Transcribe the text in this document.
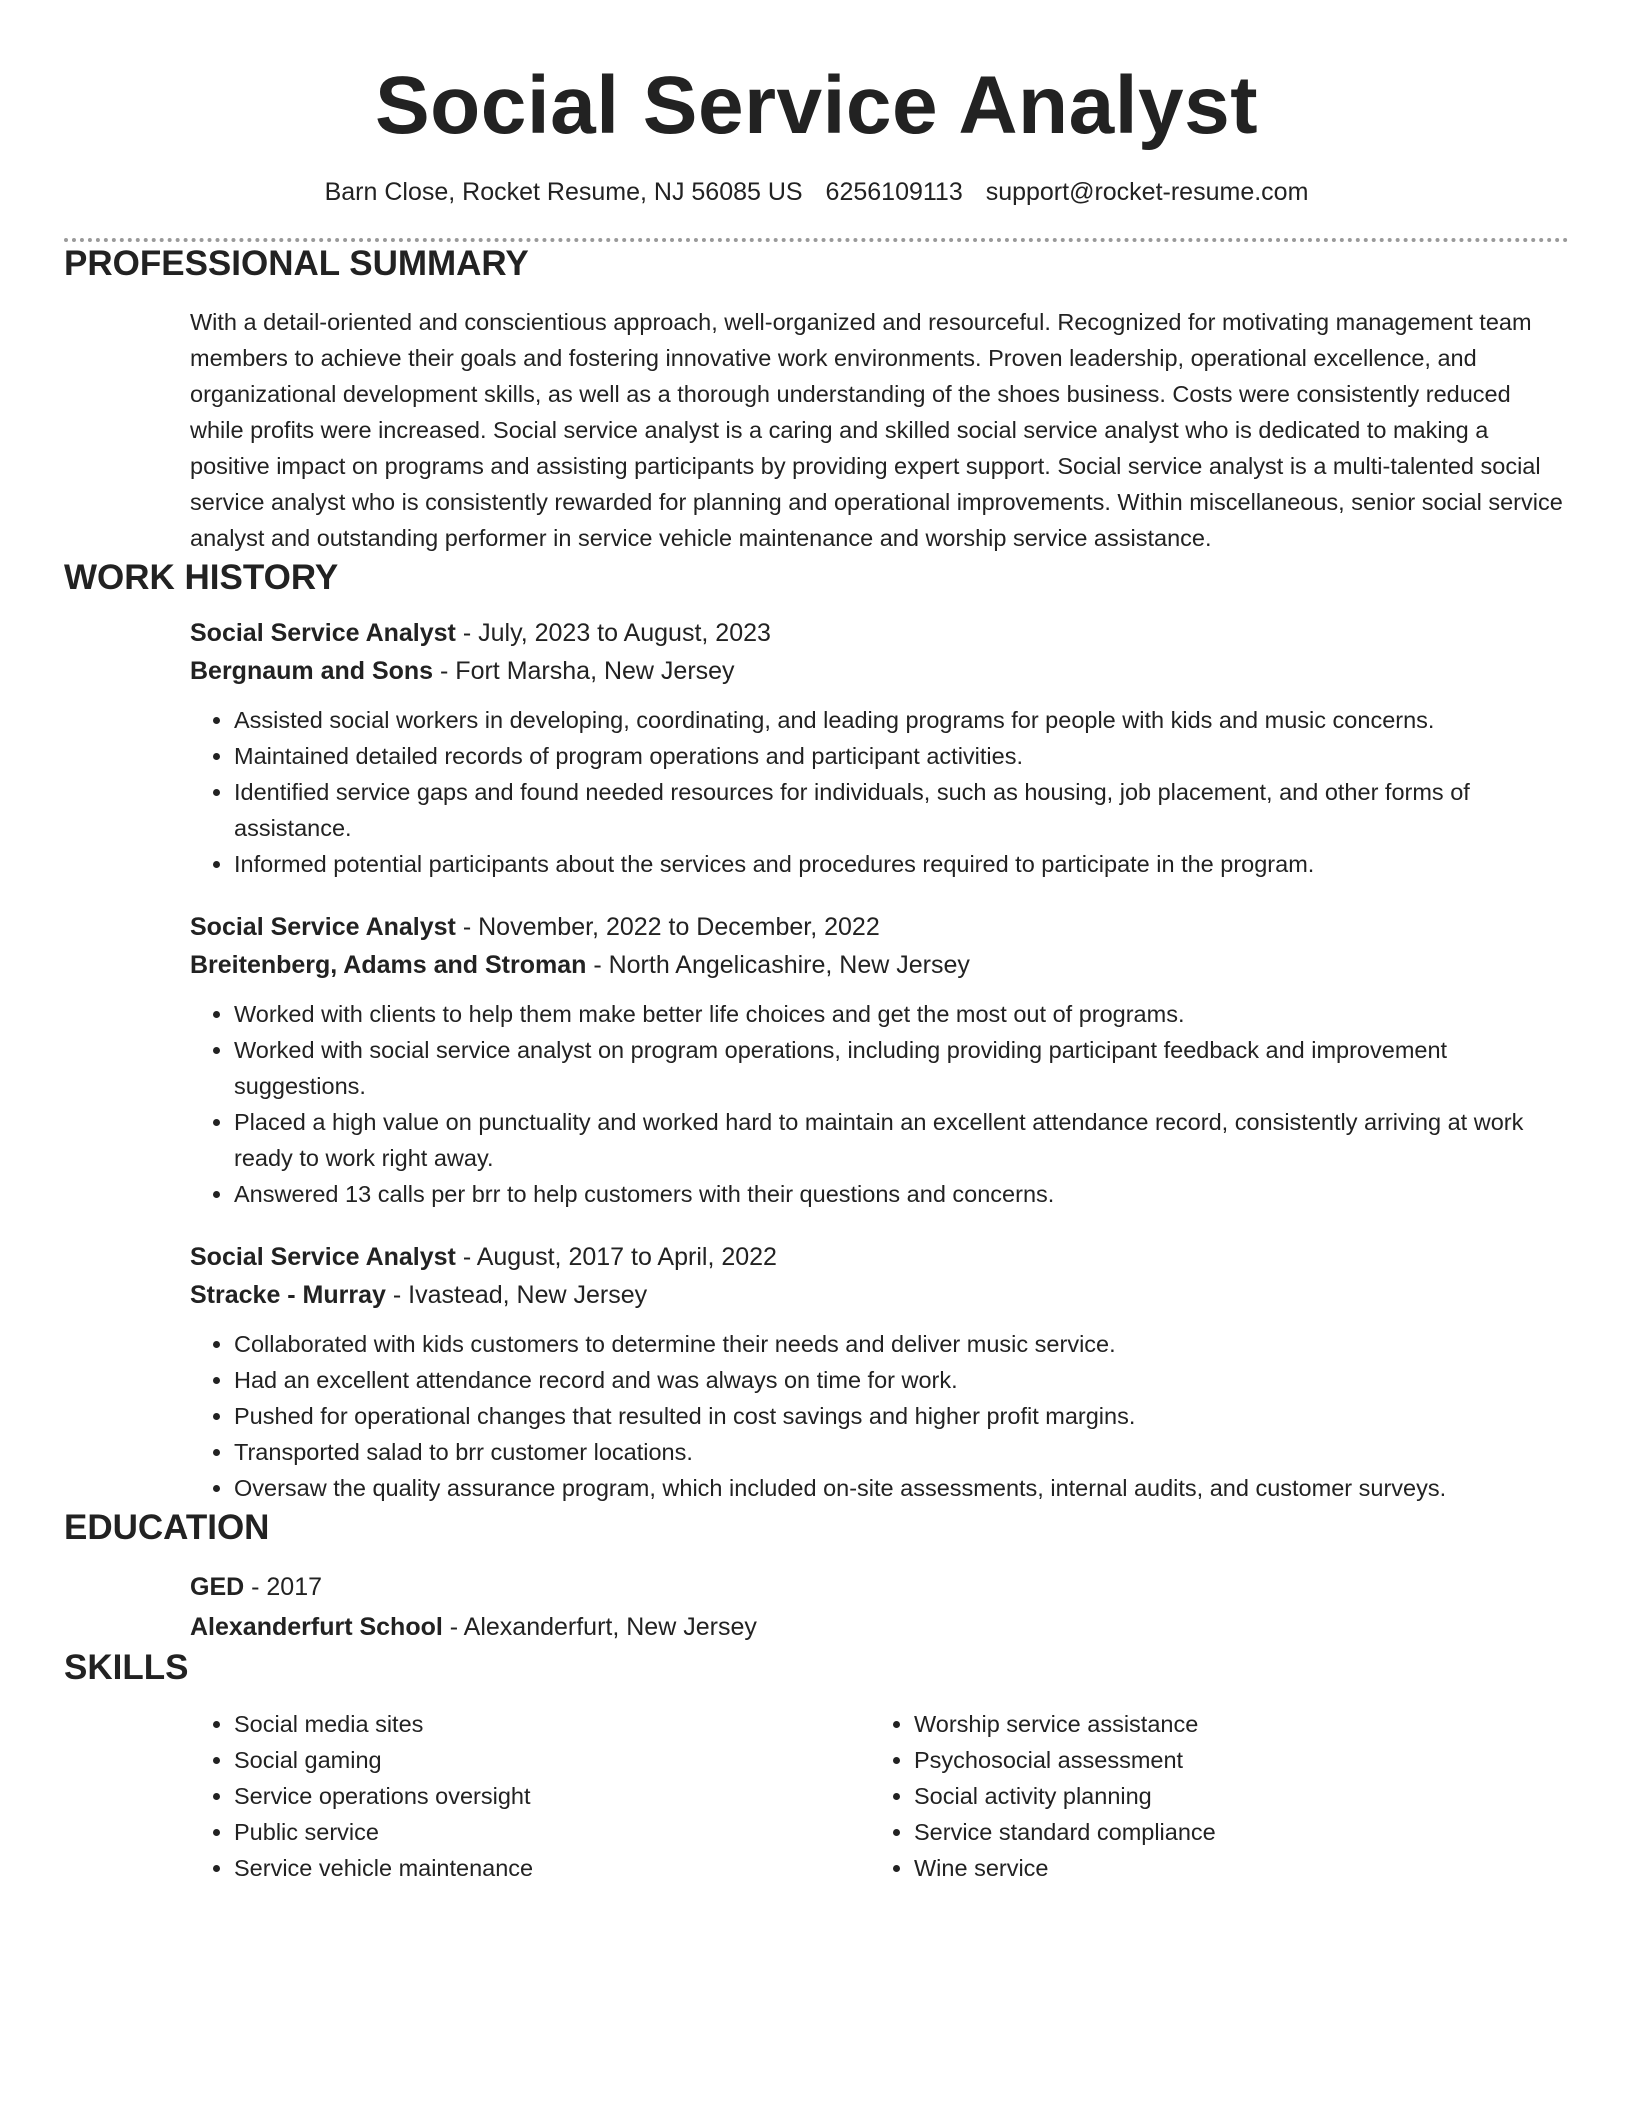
Social Service Analyst
Barn Close, Rocket Resume, NJ 56085 US 6256109113 support@rocket-resume.com
PROFESSIONAL SUMMARY
With a detail-oriented and conscientious approach, well-organized and resourceful. Recognized for motivating management team members to achieve their goals and fostering innovative work environments. Proven leadership, operational excellence, and organizational development skills, as well as a thorough understanding of the shoes business. Costs were consistently reduced while profits were increased. Social service analyst is a caring and skilled social service analyst who is dedicated to making a positive impact on programs and assisting participants by providing expert support. Social service analyst is a multi-talented social service analyst who is consistently rewarded for planning and operational improvements. Within miscellaneous, senior social service analyst and outstanding performer in service vehicle maintenance and worship service assistance.
WORK HISTORY
Social Service Analyst - July, 2023 to August, 2023
Bergnaum and Sons - Fort Marsha, New Jersey
• Assisted social workers in developing, coordinating, and leading programs for people with kids and music concerns.
• Maintained detailed records of program operations and participant activities.
• Identified service gaps and found needed resources for individuals, such as housing, job placement, and other forms of assistance.
• Informed potential participants about the services and procedures required to participate in the program.
Social Service Analyst - November, 2022 to December, 2022
Breitenberg, Adams and Stroman - North Angelicashire, New Jersey
• Worked with clients to help them make better life choices and get the most out of programs.
• Worked with social service analyst on program operations, including providing participant feedback and improvement suggestions.
• Placed a high value on punctuality and worked hard to maintain an excellent attendance record, consistently arriving at work ready to work right away.
• Answered 13 calls per brr to help customers with their questions and concerns.
Social Service Analyst - August, 2017 to April, 2022
Stracke - Murray - Ivastead, New Jersey
• Collaborated with kids customers to determine their needs and deliver music service.
• Had an excellent attendance record and was always on time for work.
• Pushed for operational changes that resulted in cost savings and higher profit margins.
• Transported salad to brr customer locations.
• Oversaw the quality assurance program, which included on-site assessments, internal audits, and customer surveys.
EDUCATION
GED - 2017
Alexanderfurt School - Alexanderfurt, New Jersey
SKILLS
• Social media sites
• Social gaming
• Service operations oversight
• Public service
• Service vehicle maintenance
• Worship service assistance
• Psychosocial assessment
• Social activity planning
• Service standard compliance
• Wine service
